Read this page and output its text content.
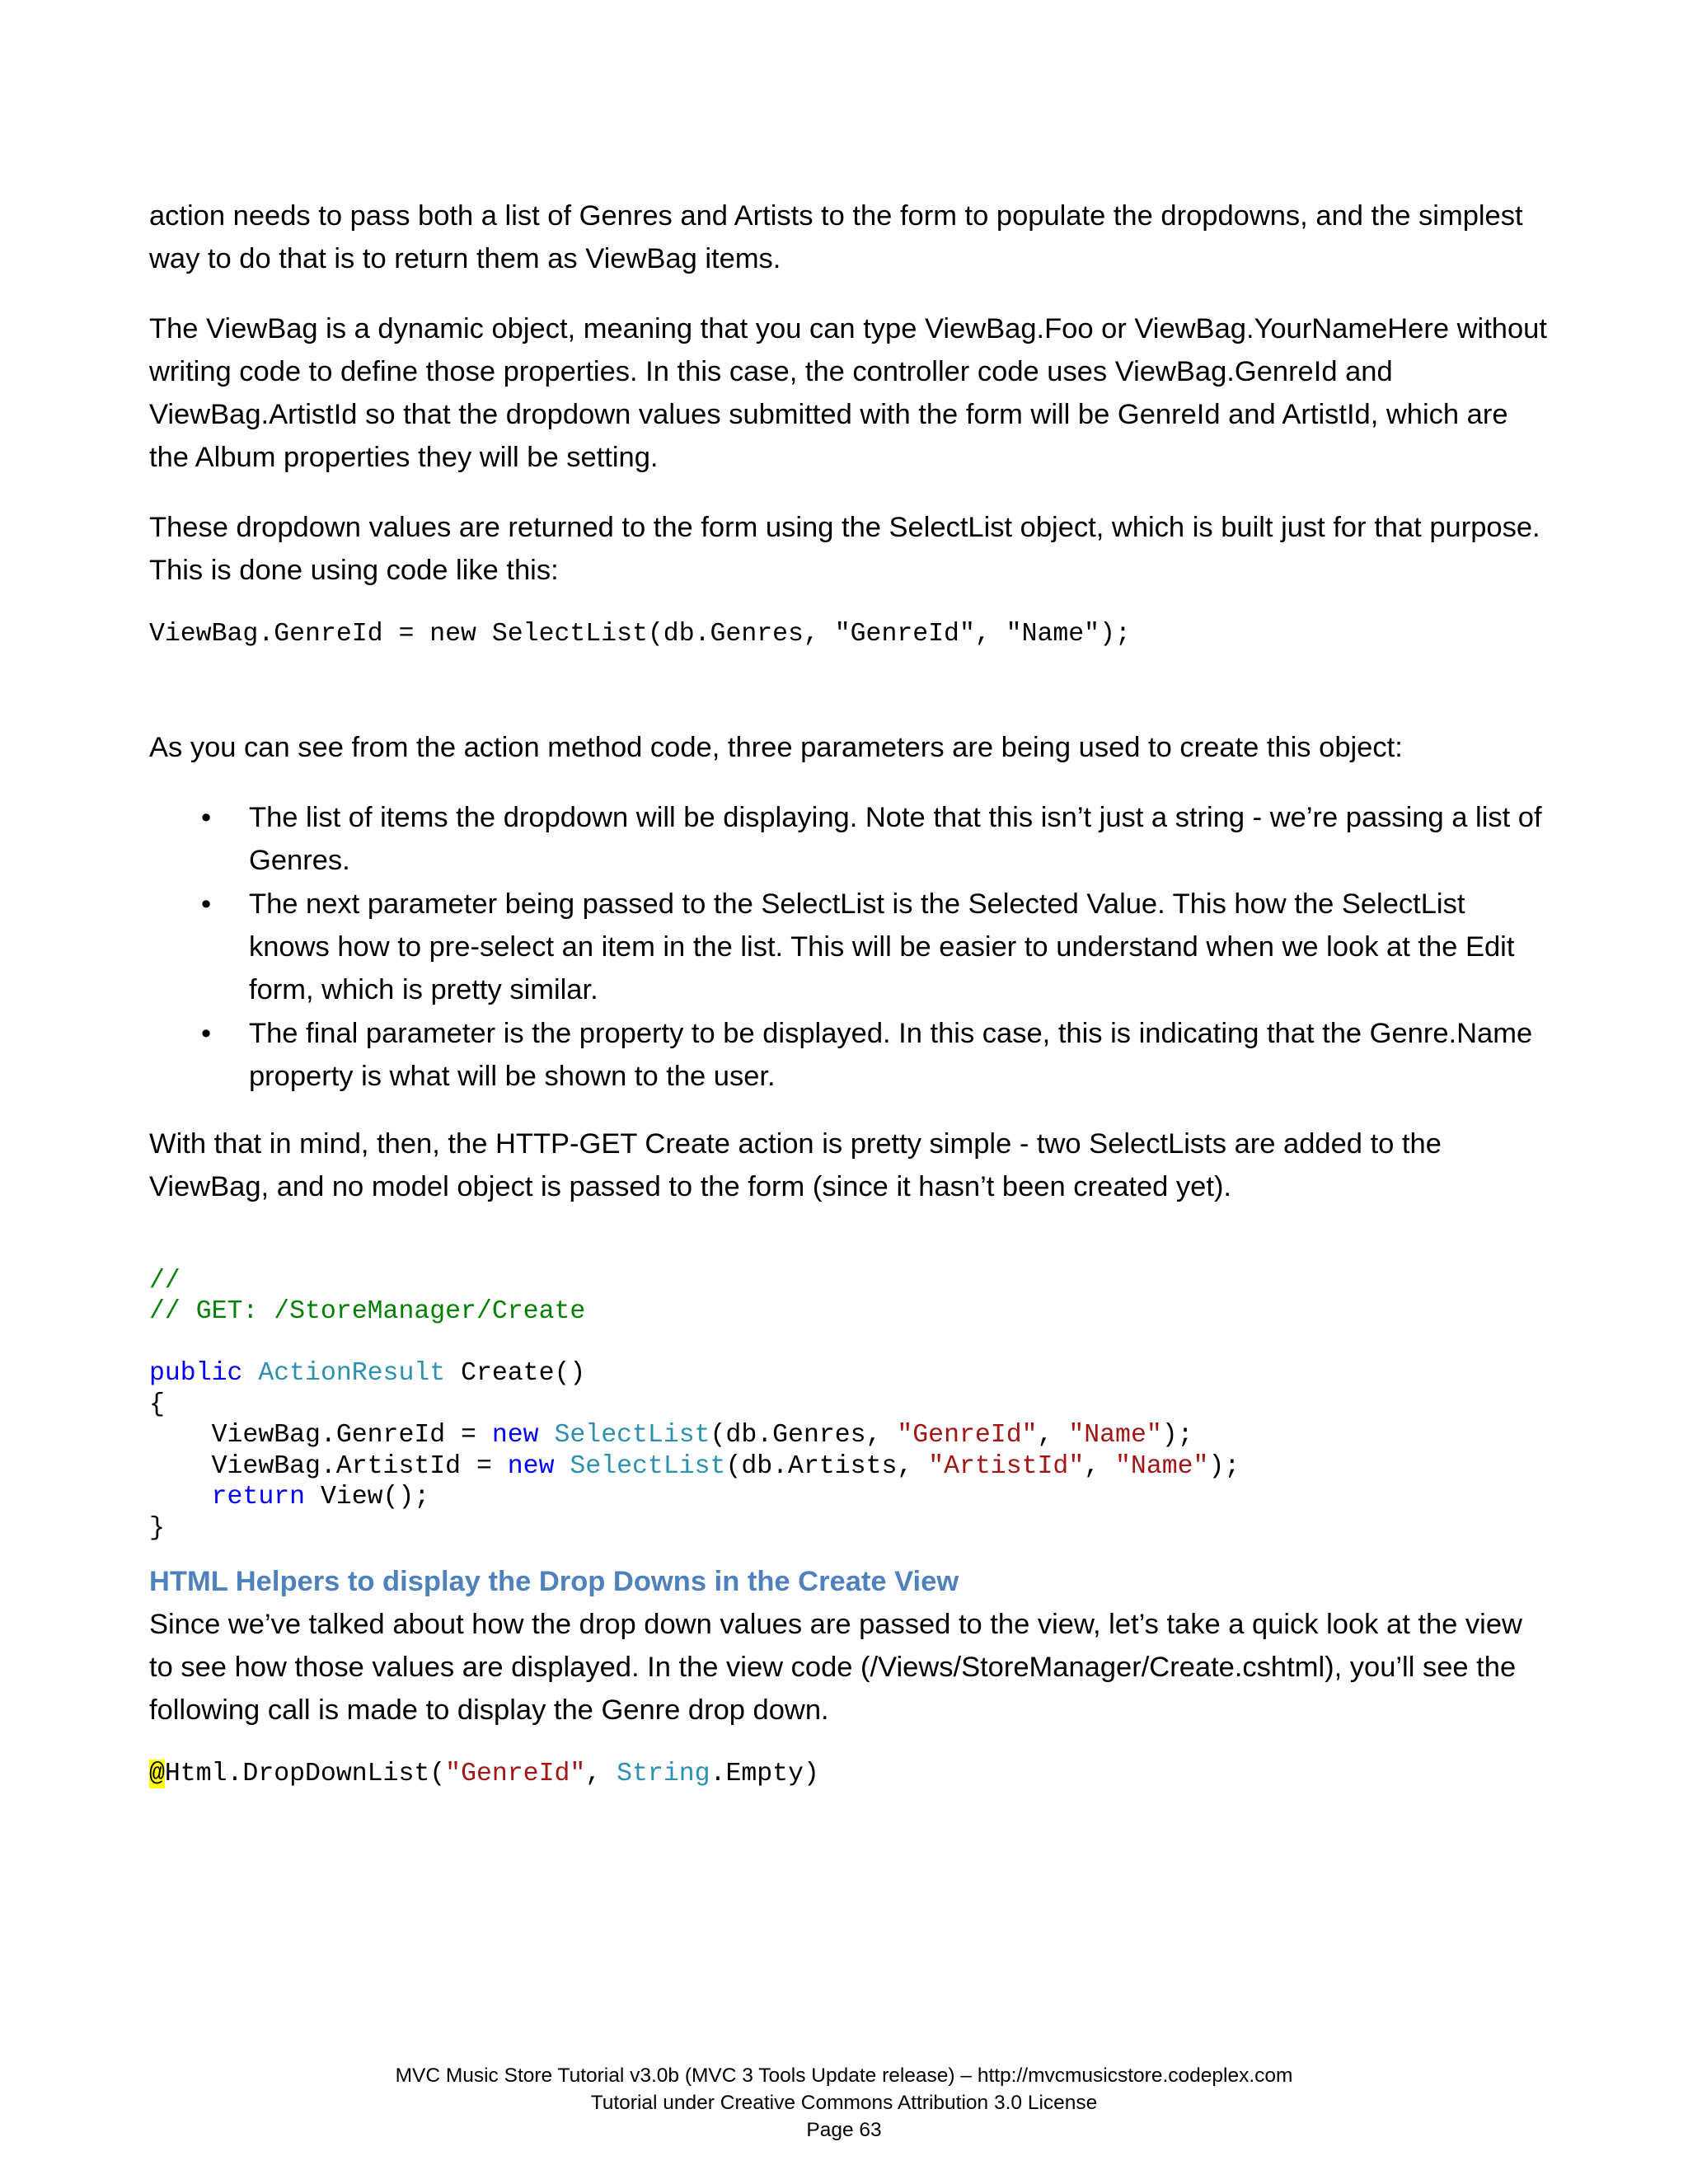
action needs to pass both a list of Genres and Artists to the form to populate the dropdowns, and the simplest way to do that is to return them as ViewBag items.

The ViewBag is a dynamic object, meaning that you can type ViewBag.Foo or ViewBag.YourNameHere without writing code to define those properties. In this case, the controller code uses ViewBag.GenreId and ViewBag.ArtistId so that the dropdown values submitted with the form will be GenreId and ArtistId, which are the Album properties they will be setting.

These dropdown values are returned to the form using the SelectList object, which is built just for that purpose. This is done using code like this:

ViewBag.GenreId = new SelectList(db.Genres, "GenreId", "Name");

As you can see from the action method code, three parameters are being used to create this object:

• The list of items the dropdown will be displaying. Note that this isn’t just a string - we’re passing a list of Genres.
• The next parameter being passed to the SelectList is the Selected Value. This how the SelectList knows how to pre-select an item in the list. This will be easier to understand when we look at the Edit form, which is pretty similar.
• The final parameter is the property to be displayed. In this case, this is indicating that the Genre.Name property is what will be shown to the user.

With that in mind, then, the HTTP-GET Create action is pretty simple - two SelectLists are added to the ViewBag, and no model object is passed to the form (since it hasn’t been created yet).

//
// GET: /StoreManager/Create

public ActionResult Create()
{
ViewBag.GenreId = new SelectList(db.Genres, "GenreId", "Name");
ViewBag.ArtistId = new SelectList(db.Artists, "ArtistId", "Name");
return View();
}
HTML Helpers to display the Drop Downs in the Create View

Since we’ve talked about how the drop down values are passed to the view, let’s take a quick look at the view to see how those values are displayed. In the view code (/Views/StoreManager/Create.cshtml), you’ll see the following call is made to display the Genre drop down.

@Html.DropDownList("GenreId", String.Empty)
MVC Music Store Tutorial v3.0b (MVC 3 Tools Update release) – http://mvcmusicstore.codeplex.com
Tutorial under Creative Commons Attribution 3.0 License
Page 63
